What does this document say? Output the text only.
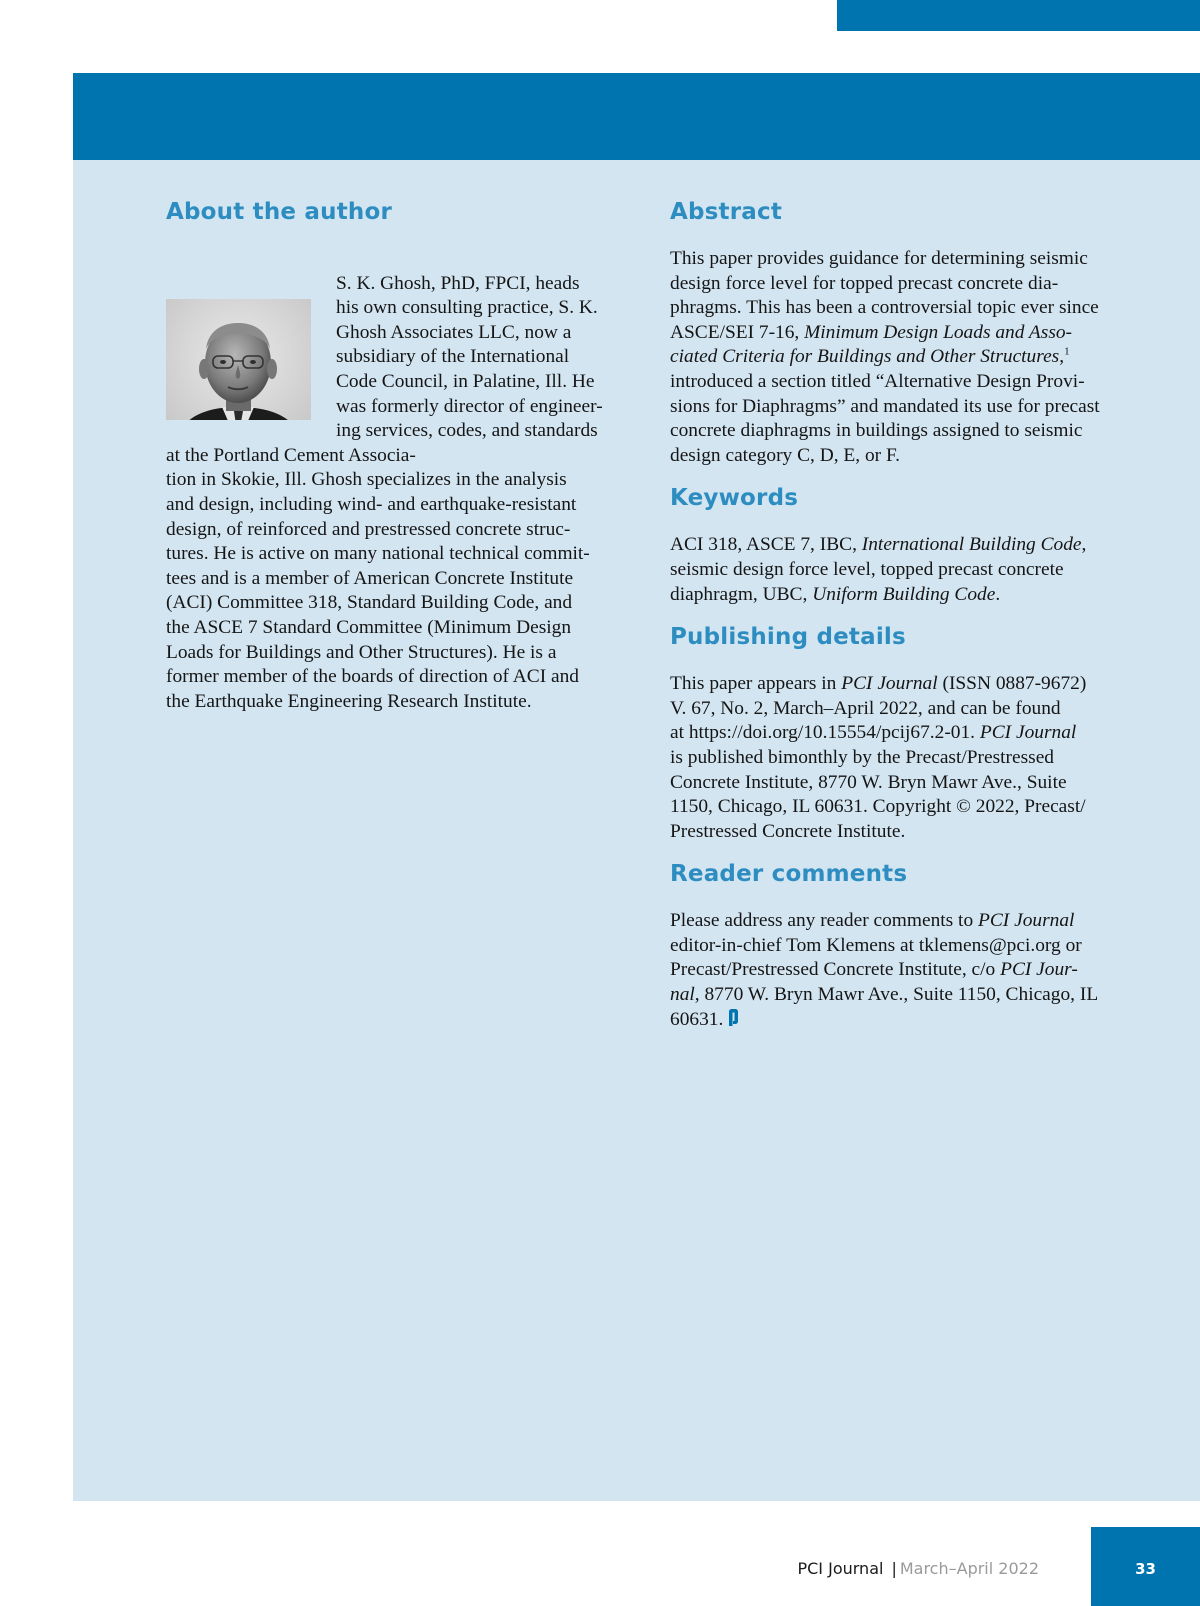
About the author

S. K. Ghosh, PhD, FPCI, heads
his own consulting practice, S. K.
Ghosh Associates LLC, now a
subsidiary of the International
Code Council, in Palatine, Ill. He
was formerly director of engineer-
ing services, codes, and standards
at the Portland Cement Associa-
tion in Skokie, Ill. Ghosh specializes in the analysis
and design, including wind- and earthquake-resistant
design, of reinforced and prestressed concrete struc-
tures. He is active on many national technical commit-
tees and is a member of American Concrete Institute
(ACI) Committee 318, Standard Building Code, and
the ASCE 7 Standard Committee (Minimum Design
Loads for Buildings and Other Structures). He is a
former member of the boards of direction of ACI and
the Earthquake Engineering Research Institute.

Abstract
This paper provides guidance for determining seismic
design force level for topped precast concrete dia-
phragms. This has been a controversial topic ever since
ASCE/SEI 7-16, Minimum Design Loads and Asso-
ciated Criteria for Buildings and Other Structures,$^1$
introduced a section titled “Alternative Design Provi-
sions for Diaphragms” and mandated its use for precast
concrete diaphragms in buildings assigned to seismic
design category C, D, E, or F.
Keywords
ACI 318, ASCE 7, IBC, International Building Code,
seismic design force level, topped precast concrete
diaphragm, UBC, Uniform Building Code.
Publishing details
This paper appears in PCI Journal (ISSN 0887-9672)
V. 67, No. 2, March–April 2022, and can be found
at https://doi.org/10.15554/pcij67.2-01. PCI Journal
is published bimonthly by the Precast/Prestressed
Concrete Institute, 8770 W. Bryn Mawr Ave., Suite
1150, Chicago, IL 60631. Copyright © 2022, Precast/
Prestressed Concrete Institute.
Reader comments
Please address any reader comments to PCI Journal
editor-in-chief Tom Klemens at tklemens@pci.org or
Precast/Prestressed Concrete Institute, c/o PCI Jour-
nal, 8770 W. Bryn Mawr Ave., Suite 1150, Chicago, IL
60631.
PCI Journal | March–April 2022	33
